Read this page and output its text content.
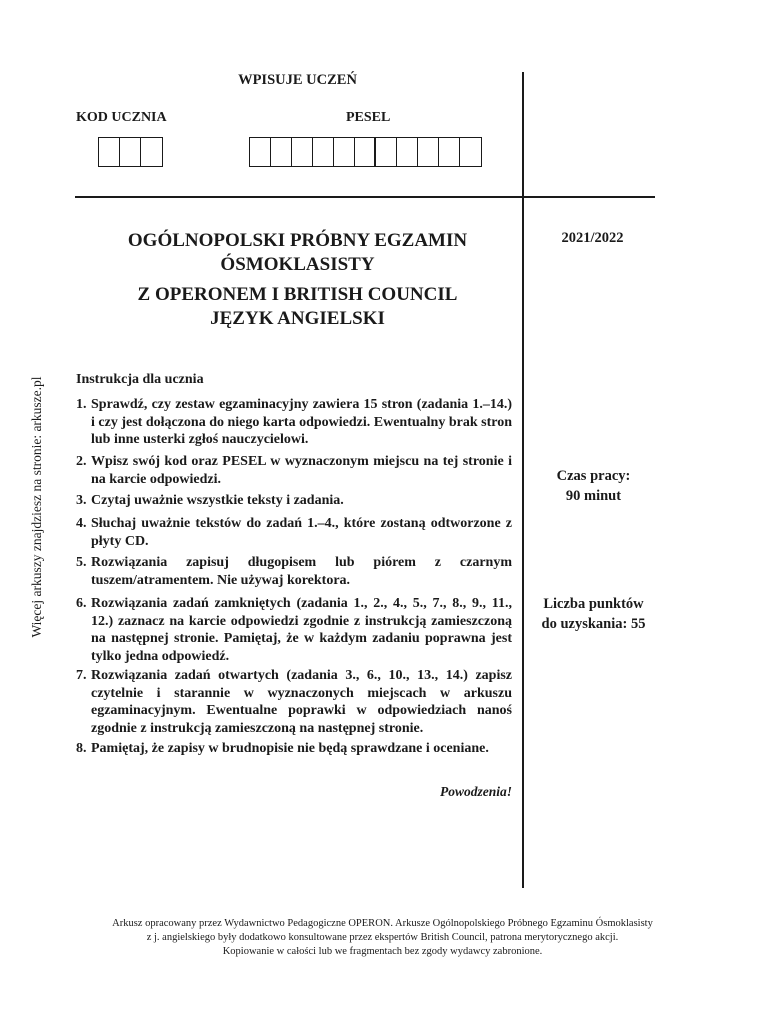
Więcej arkuszy znajdziesz na stronie: arkusze.pl
WPISUJE UCZEŃ
KOD UCZNIA	PESEL
OGÓLNOPOLSKI PRÓBNY EGZAMIN
ÓSMOKLASISTY
Z OPERONEM I BRITISH COUNCIL
JĘZYK ANGIELSKI
2021/2022
Czas pracy:
90 minut
Liczba punktów
do uzyskania: 55
Instrukcja dla ucznia
1. Sprawdź, czy zestaw egzaminacyjny zawiera 15 stron (zadania 1.–14.) i czy jest dołączona do niego karta odpowiedzi. Ewentualny brak stron lub inne usterki zgłoś nauczycielowi.
2. Wpisz swój kod oraz PESEL w wyznaczonym miejscu na tej stronie i na karcie odpowiedzi.
3. Czytaj uważnie wszystkie teksty i zadania.
4. Słuchaj uważnie tekstów do zadań 1.–4., które zostaną odtworzone z płyty CD.
5. Rozwiązania zapisuj długopisem lub piórem z czarnym tuszem/atramentem. Nie używaj korektora.
6. Rozwiązania zadań zamkniętych (zadania 1., 2., 4., 5., 7., 8., 9., 11., 12.) zaznacz na karcie odpowiedzi zgodnie z instrukcją zamieszczoną na następnej stronie. Pamiętaj, że w każdym zadaniu poprawna jest tylko jedna odpowiedź.
7. Rozwiązania zadań otwartych (zadania 3., 6., 10., 13., 14.) zapisz czytelnie i starannie w wyznaczonych miejscach w arkuszu egzaminacyjnym. Ewentualne poprawki w odpowiedziach nanoś zgodnie z instrukcją zamieszczoną na następnej stronie.
8. Pamiętaj, że zapisy w brudnopisie nie będą sprawdzane i oceniane.
Powodzenia!
Arkusz opracowany przez Wydawnictwo Pedagogiczne OPERON. Arkusze Ogólnopolskiego Próbnego Egzaminu Ósmoklasisty
z j. angielskiego były dodatkowo konsultowane przez ekspertów British Council, patrona merytorycznego akcji.
Kopiowanie w całości lub we fragmentach bez zgody wydawcy zabronione.
